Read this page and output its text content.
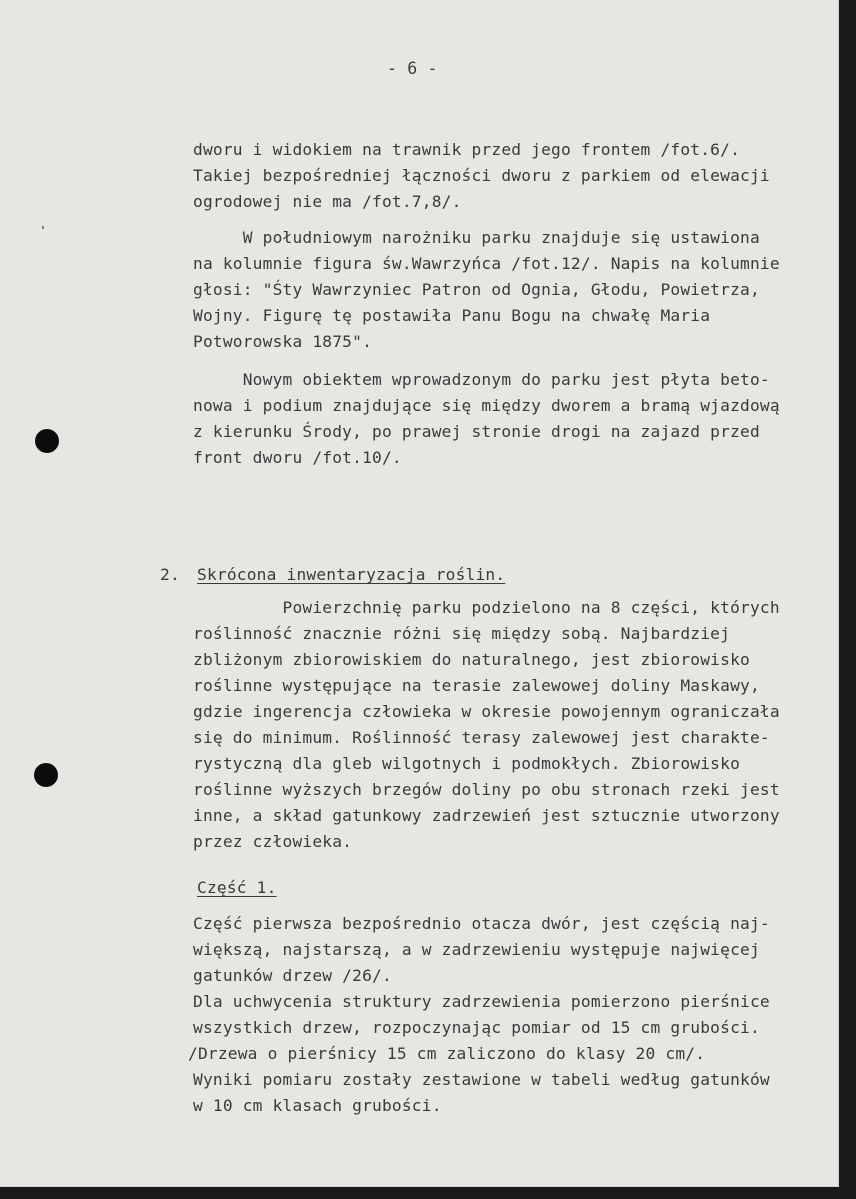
- 6 -
dworu i widokiem na trawnik przed jego frontem /fot.6/.
Takiej bezpośredniej łączności dworu z parkiem od elewacji
ogrodowej nie ma /fot.7,8/.
W południowym narożniku parku znajduje się ustawiona
na kolumnie figura św.Wawrzyńca /fot.12/. Napis na kolumnie
głosi: "Śty Wawrzyniec Patron od Ognia, Głodu, Powietrza,
Wojny. Figurę tę postawiła Panu Bogu na chwałę Maria
Potworowska 1875".
Nowym obiektem wprowadzonym do parku jest płyta beto-
nowa i podium znajdujące się między dworem a bramą wjazdową
z kierunku Środy, po prawej stronie drogi na zajazd przed
front dworu /fot.10/.
2. Skrócona inwentaryzacja roślin.
Powierzchnię parku podzielono na 8 części, których
roślinność znacznie różni się między sobą. Najbardziej
zbliżonym zbiorowiskiem do naturalnego, jest zbiorowisko
roślinne występujące na terasie zalewowej doliny Maskawy,
gdzie ingerencja człowieka w okresie powojennym ograniczała
się do minimum. Roślinność terasy zalewowej jest charakte-
rystyczną dla gleb wilgotnych i podmokłych. Zbiorowisko
roślinne wyższych brzegów doliny po obu stronach rzeki jest
inne, a skład gatunkowy zadrzewień jest sztucznie utworzony
przez człowieka.
Część 1.
Część pierwsza bezpośrednio otacza dwór, jest częścią naj-
większą, najstarszą, a w zadrzewieniu występuje najwięcej
gatunków drzew /26/.
Dla uchwycenia struktury zadrzewienia pomierzono pierśnice
wszystkich drzew, rozpoczynając pomiar od 15 cm grubości.
/Drzewa o pierśnicy 15 cm zaliczono do klasy 20 cm/.
Wyniki pomiaru zostały zestawione w tabeli według gatunków
w 10 cm klasach grubości.
